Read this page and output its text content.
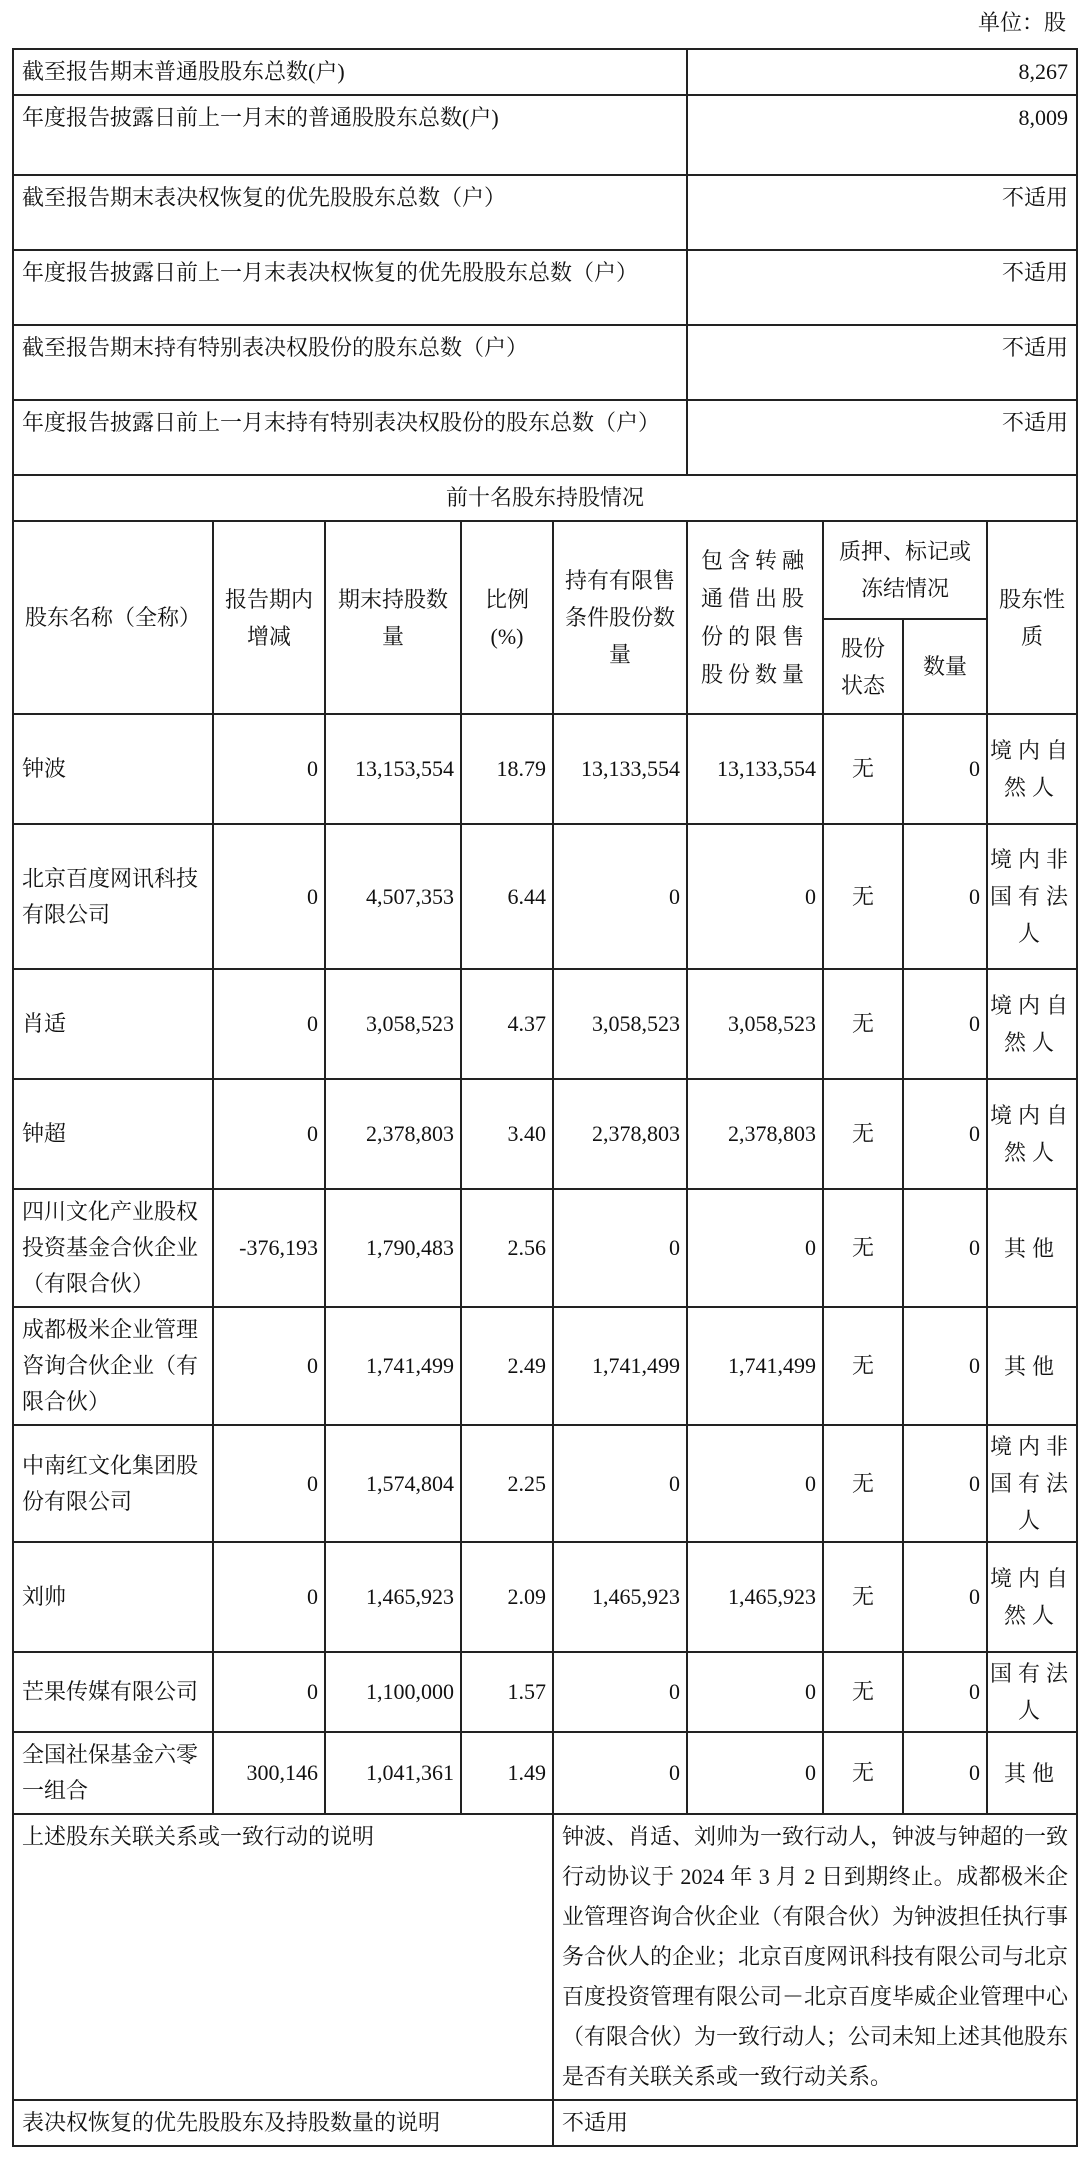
单位：股
截至报告期末普通股股东总数(户)					8,267			
年度报告披露日前上一月末的普通股股东总数(户)					8,009			
截至报告期末表决权恢复的优先股股东总数（户）					不适用			
年度报告披露日前上一月末表决权恢复的优先股股东总数（户）					不适用			
截至报告期末持有特别表决权股份的股东总数（户）					不适用			
年度报告披露日前上一月末持有特别表决权股份的股东总数（户）					不适用			
前十名股东持股情况								
股东名称（全称）	报告期内增减	期末持股数量	比例(%)	持有有限售条件股份数量	包含转融通借出股份的限售股份数量	质押、标记或冻结情况		股东性质
						股份状态	数量	
钟波	0	13,153,554	18.79	13,133,554	13,133,554	无	0	境内自然人
北京百度网讯科技有限公司	0	4,507,353	6.44	0	0	无	0	境内非国有法人
肖适	0	3,058,523	4.37	3,058,523	3,058,523	无	0	境内自然人
钟超	0	2,378,803	3.40	2,378,803	2,378,803	无	0	境内自然人
四川文化产业股权投资基金合伙企业（有限合伙）	-376,193	1,790,483	2.56	0	0	无	0	其他
成都极米企业管理咨询合伙企业（有限合伙）	0	1,741,499	2.49	1,741,499	1,741,499	无	0	其他
中南红文化集团股份有限公司	0	1,574,804	2.25	0	0	无	0	境内非国有法人
刘帅	0	1,465,923	2.09	1,465,923	1,465,923	无	0	境内自然人
芒果传媒有限公司	0	1,100,000	1.57	0	0	无	0	国有法人
全国社保基金六零一组合	300,146	1,041,361	1.49	0	0	无	0	其他
上述股东关联关系或一致行动的说明				钟波、肖适、刘帅为一致行动人，钟波与钟超的一致行动协议于 2024 年 3 月 2 日到期终止。成都极米企业管理咨询合伙企业（有限合伙）为钟波担任执行事务合伙人的企业；北京百度网讯科技有限公司与北京百度投资管理有限公司－北京百度毕威企业管理中心（有限合伙）为一致行动人；公司未知上述其他股东是否有关联关系或一致行动关系。				
表决权恢复的优先股股东及持股数量的说明				不适用				
